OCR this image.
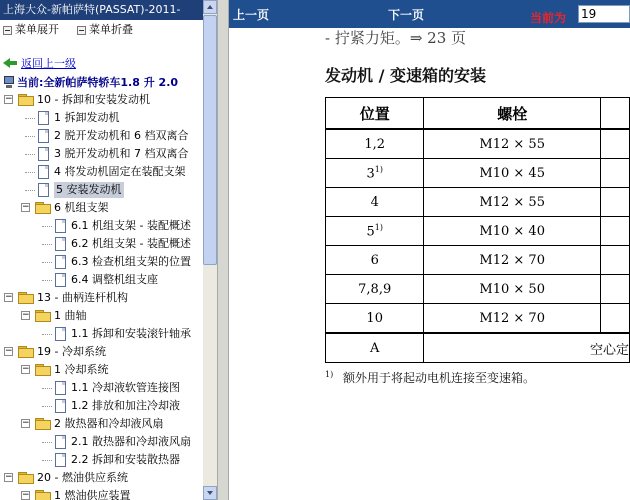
上海大众-新帕萨特(PASSAT)-2011-
菜单展开	菜单折叠
返回上一级
当前:全新帕萨特轿车1.8 升 2.0
− 10 - 拆卸和安装发动机
1 拆卸发动机
2 脱开发动机和 6 档双离合
3 脱开发动机和 7 档双离合
4 将发动机固定在装配支架
5 安装发动机
− 6 机组支架
6.1 机组支架 - 装配概述
6.2 机组支架 - 装配概述
6.3 检查机组支架的位置
6.4 调整机组支座
− 13 - 曲柄连杆机构
− 1 曲轴
1.1 拆卸和安装滚针轴承
− 19 - 冷却系统
− 1 冷却系统
1.1 冷却液软管连接图
1.2 排放和加注冷却液
− 2 散热器和冷却液风扇
2.1 散热器和冷却液风扇
2.2 拆卸和安装散热器
− 20 - 燃油供应系统
− 1 燃油供应装置
上一页	下一页	当前为
19
- 拧紧力矩。⇒ 23 页
发动机 / 变速箱的安装
位置	螺栓	
1,2	M12 × 55	
3$^{1)}$	M10 × 45	
4	M12 × 55	
5$^{1)}$	M10 × 40	
6	M12 × 70	
7,8,9	M10 × 50	
10	M12 × 70	
A	空心定	
$^{1)}$ 额外用于将起动电机连接至变速箱。
